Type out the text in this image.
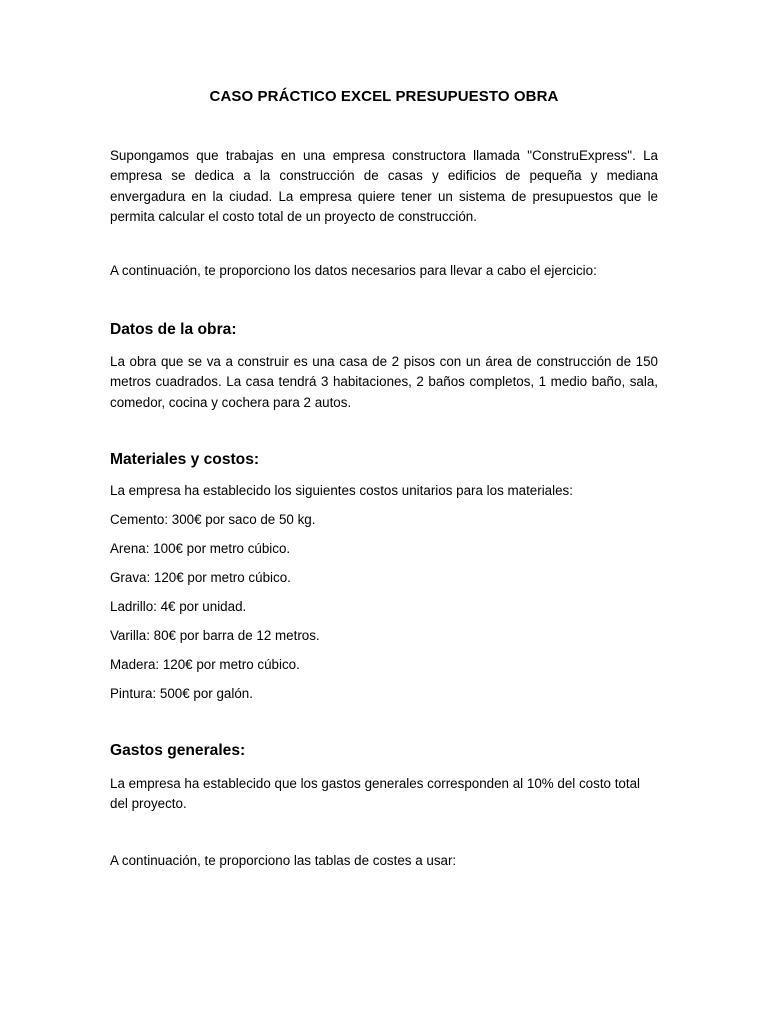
CASO PRÁCTICO EXCEL PRESUPUESTO OBRA

Supongamos que trabajas en una empresa constructora llamada "ConstruExpress". La empresa se dedica a la construcción de casas y edificios de pequeña y mediana envergadura en la ciudad. La empresa quiere tener un sistema de presupuestos que le permita calcular el costo total de un proyecto de construcción.

A continuación, te proporciono los datos necesarios para llevar a cabo el ejercicio:

Datos de la obra:

La obra que se va a construir es una casa de 2 pisos con un área de construcción de 150 metros cuadrados. La casa tendrá 3 habitaciones, 2 baños completos, 1 medio baño, sala, comedor, cocina y cochera para 2 autos.

Materiales y costos:

La empresa ha establecido los siguientes costos unitarios para los materiales:

Cemento: 300€ por saco de 50 kg.

Arena: 100€ por metro cúbico.

Grava: 120€ por metro cúbico.

Ladrillo: 4€ por unidad.

Varilla: 80€ por barra de 12 metros.

Madera: 120€ por metro cúbico.

Pintura: 500€ por galón.

Gastos generales:

La empresa ha establecido que los gastos generales corresponden al 10% del costo total del proyecto.

A continuación, te proporciono las tablas de costes a usar:
